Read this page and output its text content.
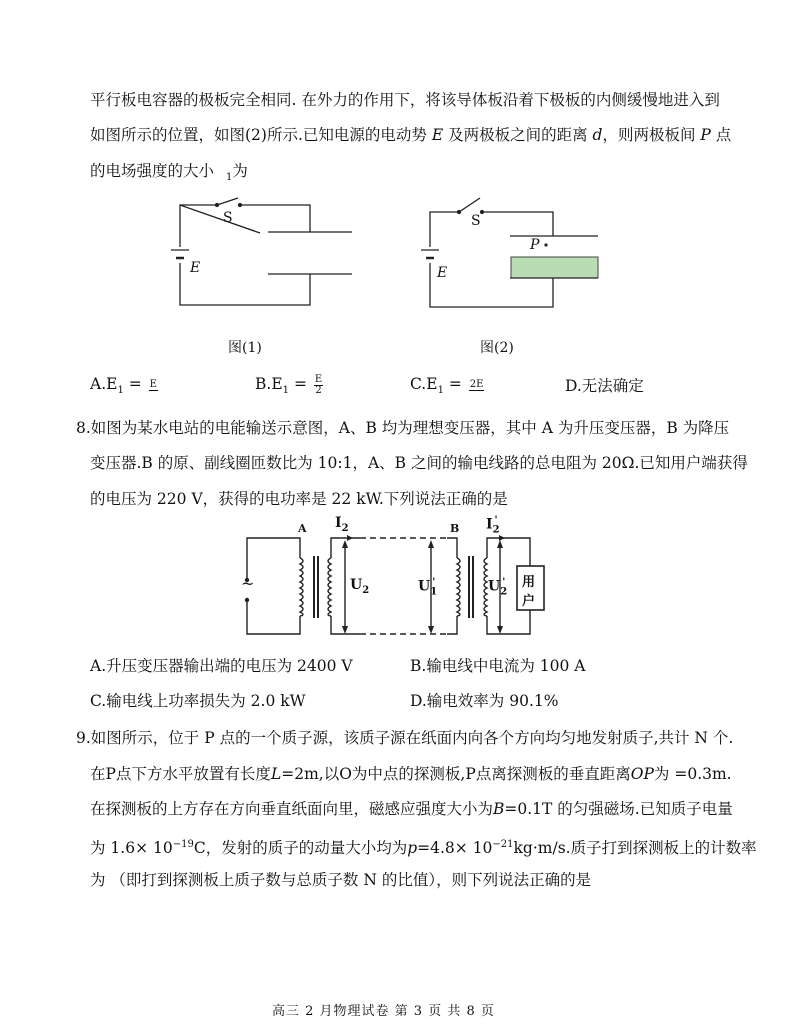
平行板电容器的极板完全相同. 在外力的作用下，将该导体板沿着下极板的内侧缓慢地进入到
如图所示的位置，如图(2)所示.已知电源的电动势 E 及两极板之间的距离 d，则两极板间 P 点
的电场强度的大小 $_1$为
S
E
图(1)
S
E
P
图(2)
$A.E_1 = E$	$B.E_1 = \frac{E}{2}$	$C.E_1 = 2E$	D.无法确定
8.如图为某水电站的电能输送示意图，A、B 均为理想变压器，其中 A 为升压变压器，B 为降压
变压器.B 的原、副线圈匝数比为 10:1，A、B 之间的输电线路的总电阻为 20Ω.已知用户端获得
的电压为 220 V，获得的电功率是 22 kW.下列说法正确的是
A	B
$I_2$	$I_2'$
$U_2$	$U_1'$	$U_2'$
~	用
户
A.升压变压器输出端的电压为 2400 V	B.输电线中电流为 100 A
C.输电线上功率损失为 2.0 kW	D.输电效率为 90.1%
9.如图所示，位于 P 点的一个质子源，该质子源在纸面内向各个方向均匀地发射质子,共计 N 个.
在P点下方水平放置有长度L=2m,以O为中点的探测板,P点离探测板的垂直距离OP为 =0.3m.
在探测板的上方存在方向垂直纸面向里，磁感应强度大小为B=0.1T 的匀强磁场.已知质子电量
为 $1.6\times 10^{-19}C$，发射的质子的动量大小均为$p=4.8\times 10^{-21}kg\cdot m/s$.质子打到探测板上的计数率
为 （即打到探测板上质子数与总质子数 N 的比值），则下列说法正确的是
高三 2 月物理试卷 第 3 页 共 8 页
